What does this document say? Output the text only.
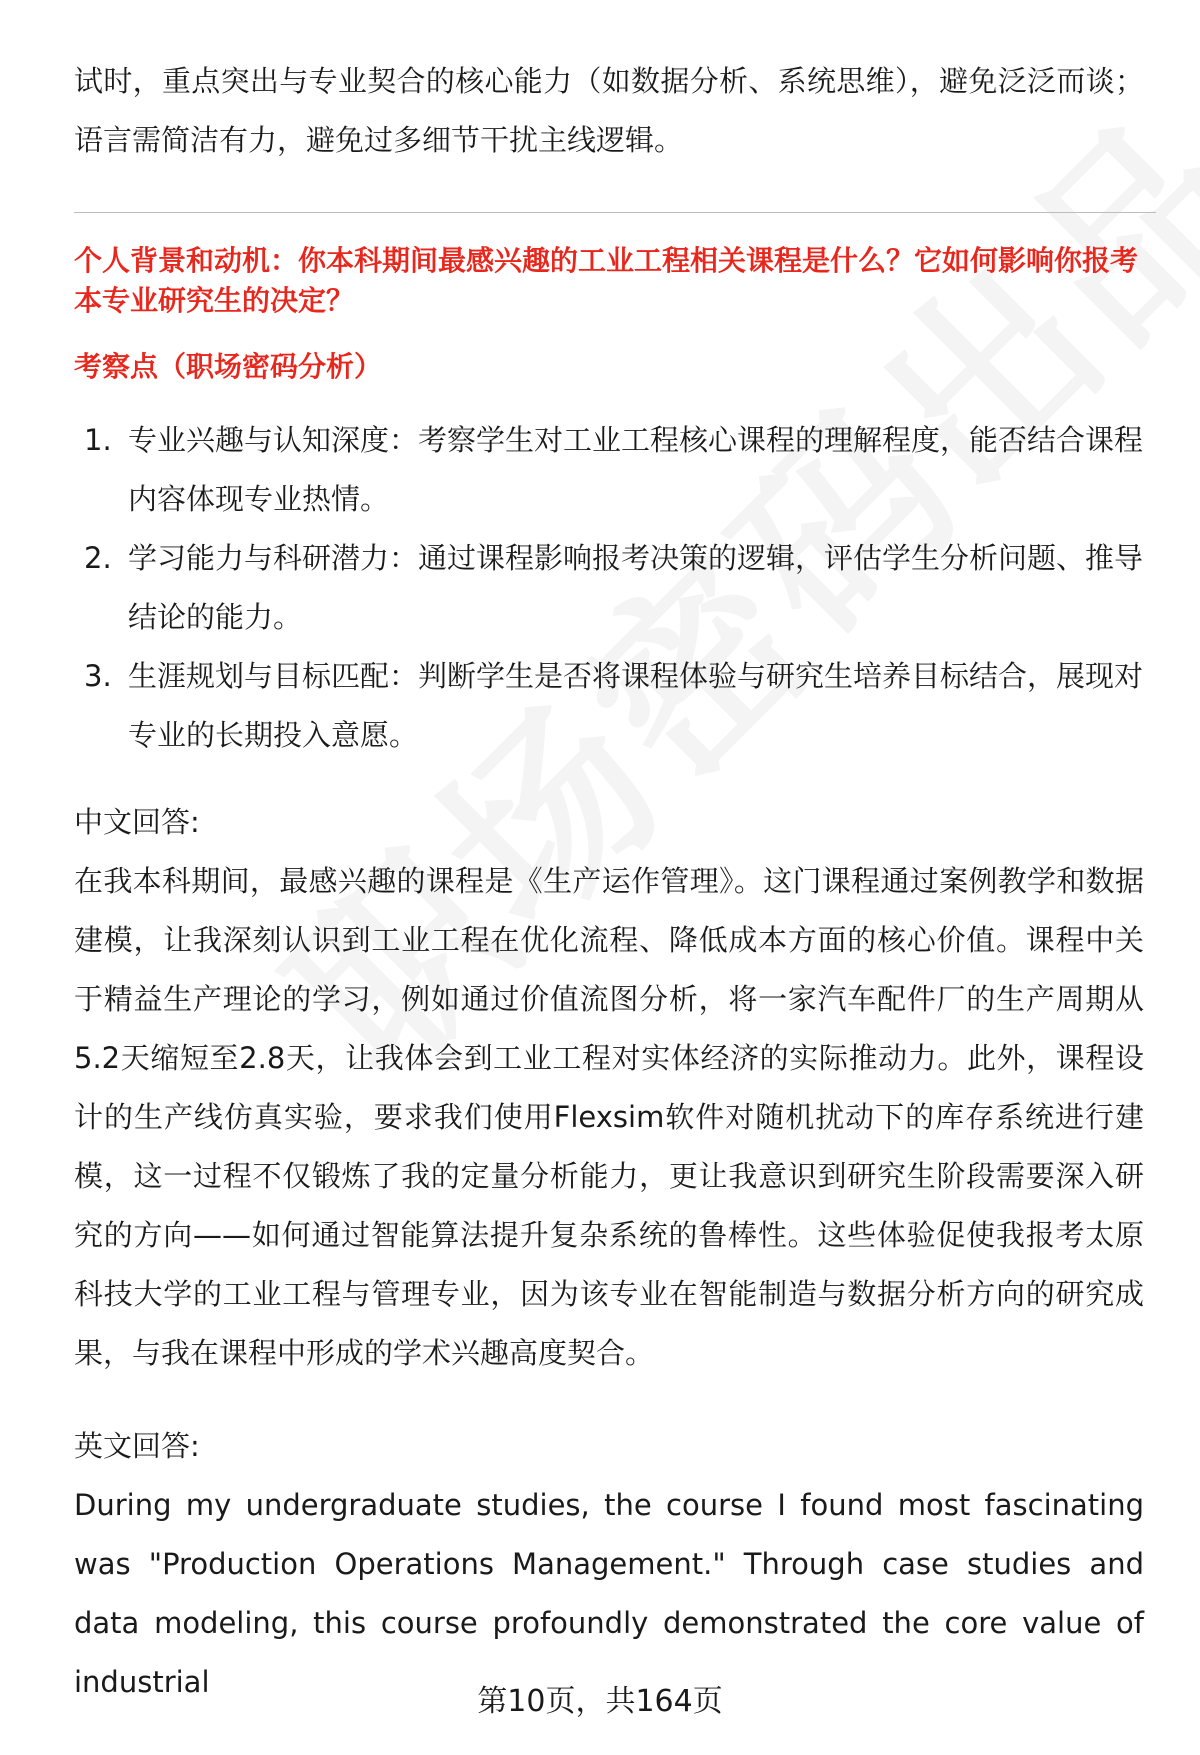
试时，重点突出与专业契合的核心能力（如数据分析、系统思维），避免泛泛而谈；语言需简洁有力，避免过多细节干扰主线逻辑。

个人背景和动机：你本科期间最感兴趣的工业工程相关课程是什么？它如何影响你报考本专业研究生的决定？

考察点（职场密码分析）

1. 专业兴趣与认知深度：考察学生对工业工程核心课程的理解程度，能否结合课程内容体现专业热情。
2. 学习能力与科研潜力：通过课程影响报考决策的逻辑，评估学生分析问题、推导结论的能力。
3. 生涯规划与目标匹配：判断学生是否将课程体验与研究生培养目标结合，展现对专业的长期投入意愿。

中文回答:

在我本科期间，最感兴趣的课程是《生产运作管理》。这门课程通过案例教学和数据建模，让我深刻认识到工业工程在优化流程、降低成本方面的核心价值。课程中关于精益生产理论的学习，例如通过价值流图分析，将一家汽车配件厂的生产周期从5.2天缩短至2.8天，让我体会到工业工程对实体经济的实际推动力。此外，课程设计的生产线仿真实验，要求我们使用Flexsim软件对随机扰动下的库存系统进行建模，这一过程不仅锻炼了我的定量分析能力，更让我意识到研究生阶段需要深入研究的方向——如何通过智能算法提升复杂系统的鲁棒性。这些体验促使我报考太原科技大学的工业工程与管理专业，因为该专业在智能制造与数据分析方向的研究成果，与我在课程中形成的学术兴趣高度契合。

英文回答:

During my undergraduate studies, the course I found most fascinating was "Production Operations Management." Through case studies and data modeling, this course profoundly demonstrated the core value of industrial

第10页，共164页
